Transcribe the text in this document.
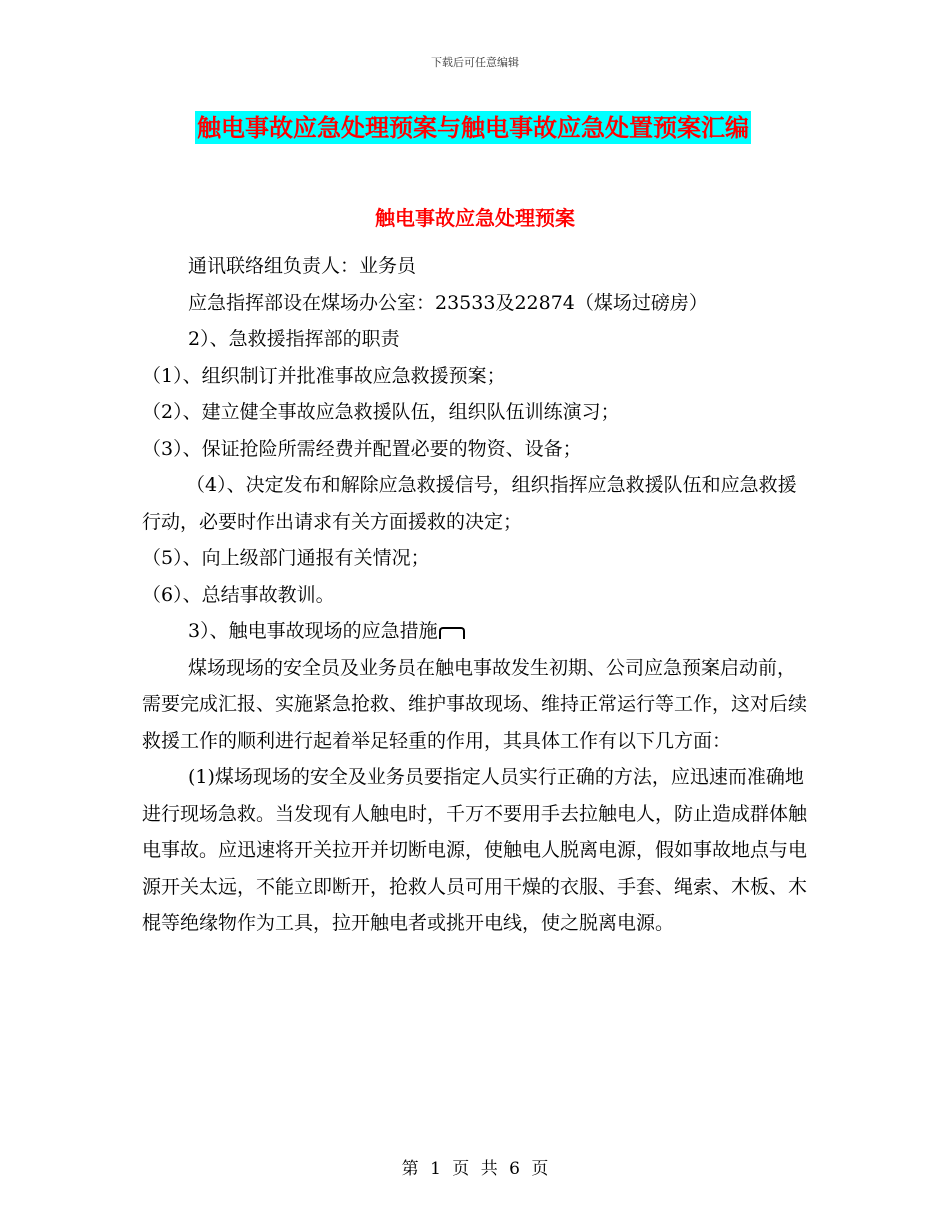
下载后可任意编辑
触电事故应急处理预案与触电事故应急处置预案汇编
触电事故应急处理预案

通讯联络组负责人：业务员

应急指挥部设在煤场办公室：23533及22874（煤场过磅房）

2）、急救援指挥部的职责

（1）、组织制订并批准事故应急救援预案；

（2）、建立健全事故应急救援队伍，组织队伍训练演习；

（3）、保证抢险所需经费并配置必要的物资、设备；

（4）、决定发布和解除应急救援信号，组织指挥应急救援队伍和应急救援行动，必要时作出请求有关方面援救的决定；

（5）、向上级部门通报有关情况；

（6）、总结事故教训。

3）、触电事故现场的应急措施

煤场现场的安全员及业务员在触电事故发生初期、公司应急预案启动前，需要完成汇报、实施紧急抢救、维护事故现场、维持正常运行等工作，这对后续救援工作的顺利进行起着举足轻重的作用，其具体工作有以下几方面：

(1)煤场现场的安全及业务员要指定人员实行正确的方法，应迅速而准确地进行现场急救。当发现有人触电时，千万不要用手去拉触电人，防止造成群体触电事故。应迅速将开关拉开并切断电源，使触电人脱离电源，假如事故地点与电源开关太远，不能立即断开，抢救人员可用干燥的衣服、手套、绳索、木板、木棍等绝缘物作为工具，拉开触电者或挑开电线，使之脱离电源。

第 1 页 共 6 页
